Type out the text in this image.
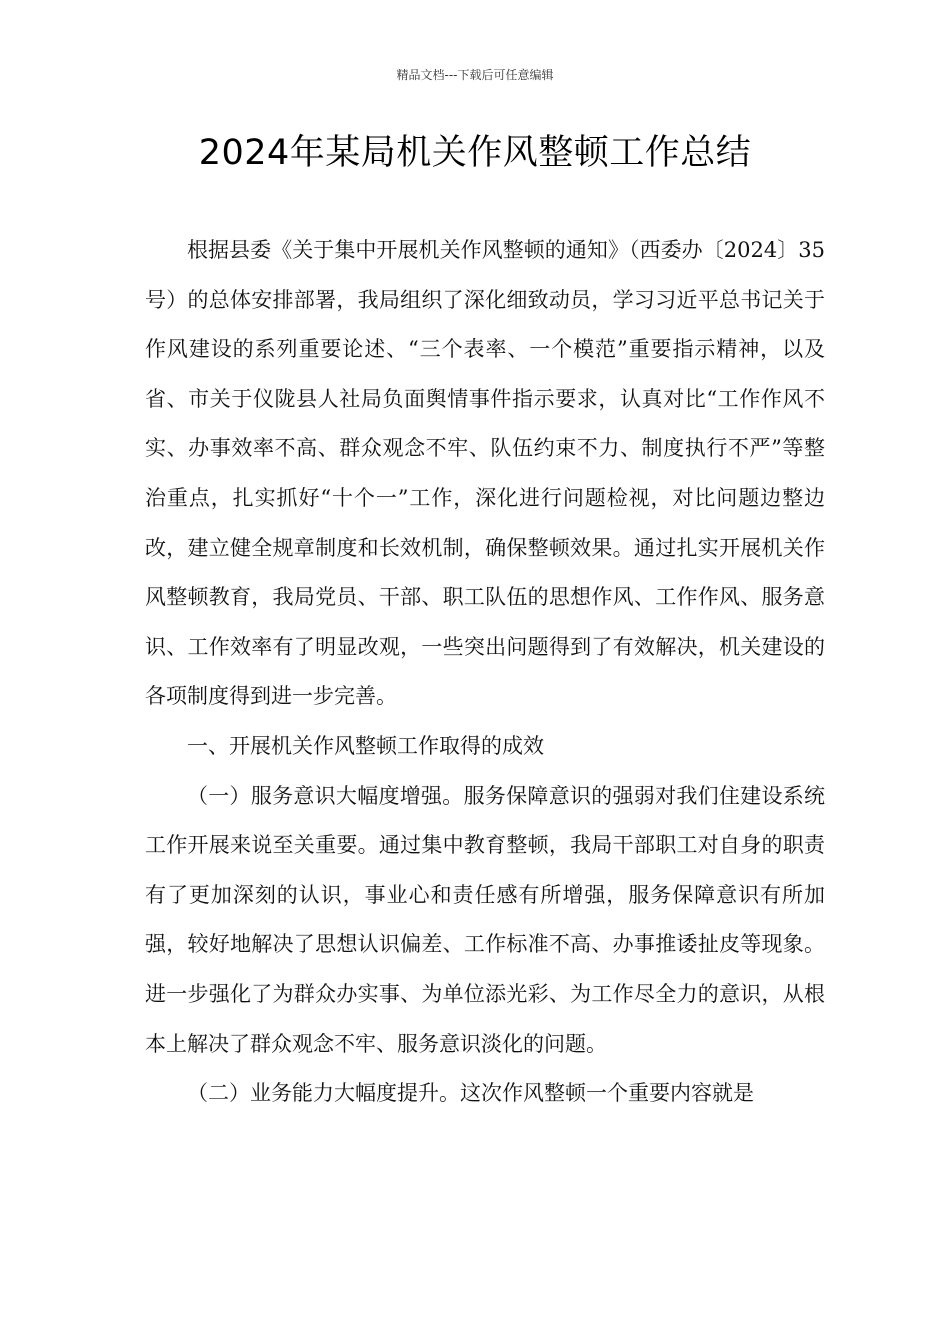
精品文档---下载后可任意编辑
2024年某局机关作风整顿工作总结

根据县委《关于集中开展机关作风整顿的通知》（西委办〔2024〕35号）的总体安排部署，我局组织了深化细致动员，学习习近平总书记关于作风建设的系列重要论述、“三个表率、一个模范”重要指示精神，以及省、市关于仪陇县人社局负面舆情事件指示要求，认真对比“工作作风不实、办事效率不高、群众观念不牢、队伍约束不力、制度执行不严”等整治重点，扎实抓好“十个一”工作，深化进行问题检视，对比问题边整边改，建立健全规章制度和长效机制，确保整顿效果。通过扎实开展机关作风整顿教育，我局党员、干部、职工队伍的思想作风、工作作风、服务意识、工作效率有了明显改观，一些突出问题得到了有效解决，机关建设的各项制度得到进一步完善。

一、开展机关作风整顿工作取得的成效

（一）服务意识大幅度增强。服务保障意识的强弱对我们住建设系统工作开展来说至关重要。通过集中教育整顿，我局干部职工对自身的职责有了更加深刻的认识，事业心和责任感有所增强，服务保障意识有所加强，较好地解决了思想认识偏差、工作标准不高、办事推诿扯皮等现象。进一步强化了为群众办实事、为单位添光彩、为工作尽全力的意识，从根本上解决了群众观念不牢、服务意识淡化的问题。

（二）业务能力大幅度提升。这次作风整顿一个重要内容就是
